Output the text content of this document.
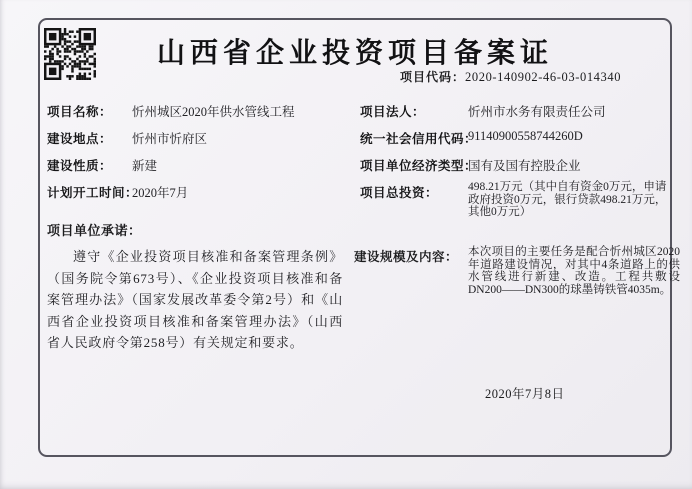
山西省企业投资项目备案证
项目代码：2020-140902-46-03-014340
项目名称： 忻州城区2020年供水管线工程
建设地点： 忻州市忻府区
建设性质： 新建
计划开工时间：
2020年7月
项目法人：	忻州市水务有限责任公司
统一社会信用代码：
91140900558744260D
项目单位经济类型：
国有及国有控股企业
项目总投资：	498.21万元（其中自有资金0万元，申请政府投资0万元，银行贷款498.21万元，其他0万元）
项目单位承诺：
遵守《企业投资项目核准和备案管理条例》（国务院令第673号）、《企业投资项目核准和备案管理办法》（国家发展改革委令第2号）和《山西省企业投资项目核准和备案管理办法》（山西省人民政府令第258号）有关规定和要求。
建设规模及内容： 本次项目的主要任务是配合忻州城区2020年道路建设情况，对其中4条道路上的供水管线进行新建、改造。工程共敷设DN200——DN300的球墨铸铁管4035m。
2020年7月8日
